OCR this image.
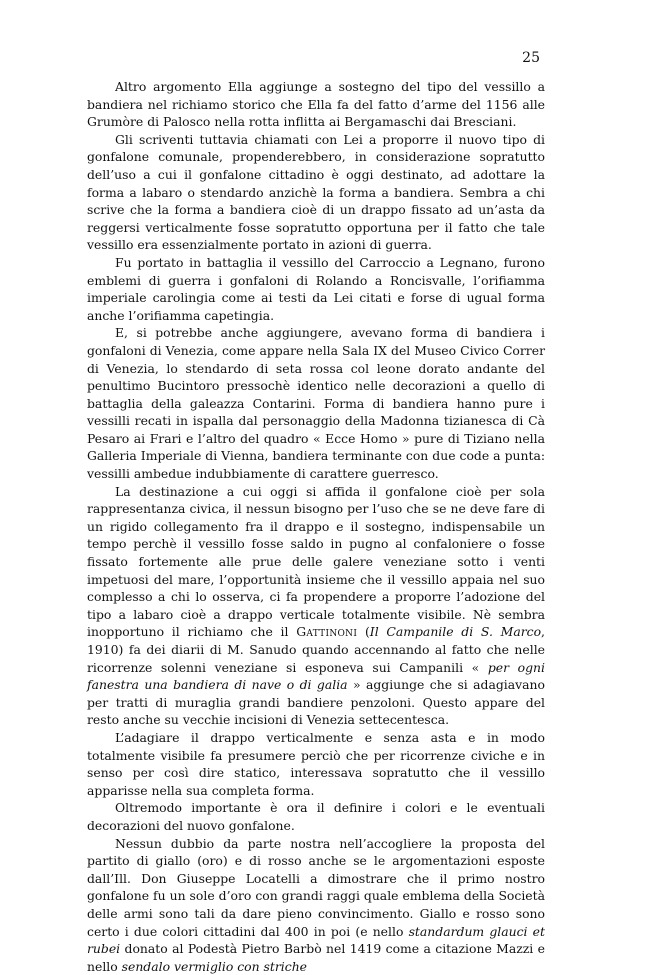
25

Altro argomento Ella aggiunge a sostegno del tipo del vessillo a bandiera nel richiamo storico che Ella fa del fatto d’arme del 1156 alle Grumòre di Palosco nella rotta inflitta ai Bergamaschi dai Bresciani.

Gli scriventi tuttavia chiamati con Lei a proporre il nuovo tipo di gonfalone comunale, propenderebbero, in considerazione sopratutto dell’uso a cui il gonfalone cittadino è oggi destinato, ad adottare la forma a labaro o stendardo anzichè la forma a bandiera. Sembra a chi scrive che la forma a bandiera cioè di un drappo fissato ad un’asta da reggersi verticalmente fosse sopratutto opportuna per il fatto che tale vessillo era essenzialmente portato in azioni di guerra.

Fu portato in battaglia il vessillo del Carroccio a Legnano, furono emblemi di guerra i gonfaloni di Rolando a Roncisvalle, l’orifiamma imperiale carolingia come ai testi da Lei citati e forse di ugual forma anche l’orifiamma capetingia.

E, si potrebbe anche aggiungere, avevano forma di bandiera i gonfaloni di Venezia, come appare nella Sala IX del Museo Civico Correr di Venezia, lo stendardo di seta rossa col leone dorato andante del penultimo Bucintoro pressochè identico nelle decorazioni a quello di battaglia della galeazza Contarini. Forma di bandiera hanno pure i vessilli recati in ispalla dal personaggio della Madonna tizianesca di Cà Pesaro ai Frari e l’altro del quadro « Ecce Homo » pure di Tiziano nella Galleria Imperiale di Vienna, bandiera terminante con due code a punta: vessilli ambedue indubbiamente di carattere guerresco.

La destinazione a cui oggi si affida il gonfalone cioè per sola rappresentanza civica, il nessun bisogno per l’uso che se ne deve fare di un rigido collegamento fra il drappo e il sostegno, indispensabile un tempo perchè il vessillo fosse saldo in pugno al confaloniere o fosse fissato fortemente alle prue delle galere veneziane sotto i venti impetuosi del mare, l’opportunità insieme che il vessillo appaia nel suo complesso a chi lo osserva, ci fa propendere a proporre l’adozione del tipo a labaro cioè a drappo verticale totalmente visibile. Nè sembra inopportuno il richiamo che il Gattinoni (Il Campanile di S. Marco, 1910) fa dei diarii di M. Sanudo quando accennando al fatto che nelle ricorrenze solenni veneziane si esponeva sui Campanili « per ogni fanestra una bandiera di nave o di galia » aggiunge che si adagiavano per tratti di muraglia grandi bandiere penzoloni. Questo appare del resto anche su vecchie incisioni di Venezia settecentesca.

L’adagiare il drappo verticalmente e senza asta e in modo totalmente visibile fa presumere perciò che per ricorrenze civiche e in senso per così dire statico, interessava sopratutto che il vessillo apparisse nella sua completa forma.

Oltremodo importante è ora il definire i colori e le eventuali decorazioni del nuovo gonfalone.

Nessun dubbio da parte nostra nell’accogliere la proposta del partito di giallo (oro) e di rosso anche se le argomentazioni esposte dall’Ill. Don Giuseppe Locatelli a dimostrare che il primo nostro gonfalone fu un sole d’oro con grandi raggi quale emblema della Società delle armi sono tali da dare pieno convincimento. Giallo e rosso sono certo i due colori cittadini dal 400 in poi (e nello standardum glauci et rubei donato al Podestà Pietro Barbò nel 1419 come a citazione Mazzi e nello sendalo vermiglio con striche
